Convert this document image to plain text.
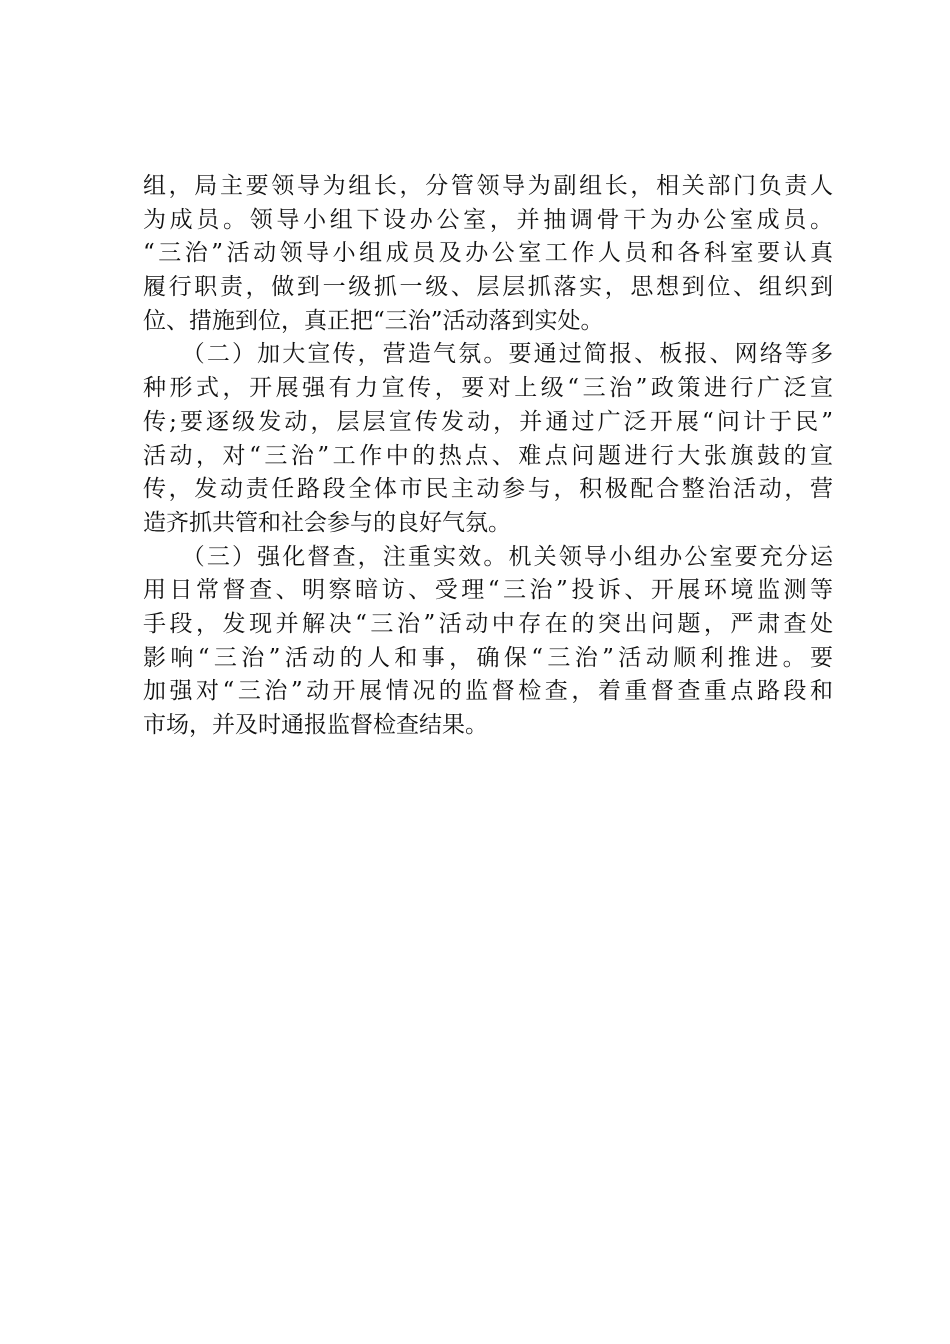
组，局主要领导为组长，分管领导为副组长，相关部门负责人
为成员。领导小组下设办公室，并抽调骨干为办公室成员。
“三治”活动领导小组成员及办公室工作人员和各科室要认真
履行职责，做到一级抓一级、层层抓落实，思想到位、组织到
位、措施到位，真正把“三治”活动落到实处。
　　（二）加大宣传，营造气氛。要通过简报、板报、网络等多
种形式，开展强有力宣传，要对上级“三治”政策进行广泛宣
传;要逐级发动，层层宣传发动，并通过广泛开展“问计于民”
活动，对“三治”工作中的热点、难点问题进行大张旗鼓的宣
传，发动责任路段全体市民主动参与，积极配合整治活动，营
造齐抓共管和社会参与的良好气氛。
　　（三）强化督查，注重实效。机关领导小组办公室要充分运
用日常督查、明察暗访、受理“三治”投诉、开展环境监测等
手段，发现并解决“三治”活动中存在的突出问题，严肃查处
影响“三治”活动的人和事，确保“三治”活动顺利推进。要
加强对“三治”动开展情况的监督检查，着重督查重点路段和
市场，并及时通报监督检查结果。
